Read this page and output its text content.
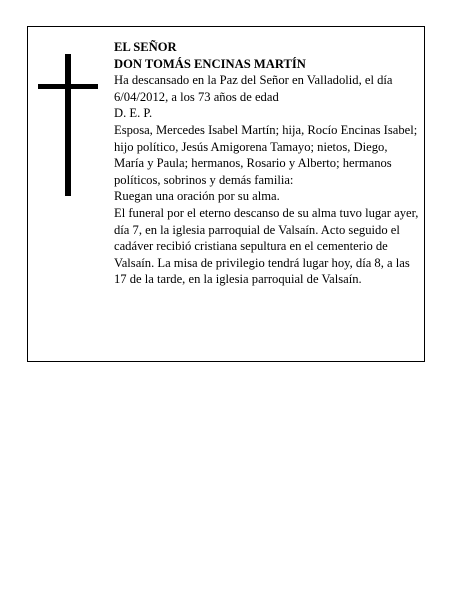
EL SEÑOR

DON TOMÁS ENCINAS MARTÍN

Ha descansado en la Paz del Señor en Valladolid, el día 6/04/2012, a los 73 años de edad

D. E. P.

Esposa, Mercedes Isabel Martín; hija, Rocío Encinas Isabel; hijo político, Jesús Amigorena Tamayo; nietos, Diego, María y Paula; hermanos, Rosario y Alberto; hermanos políticos, sobrinos y demás familia:

Ruegan una oración por su alma.

El funeral por el eterno descanso de su alma tuvo lugar ayer, día 7, en la iglesia parroquial de Valsaín. Acto seguido el cadáver recibió cristiana sepultura en el cementerio de Valsaín. La misa de privilegio tendrá lugar hoy, día 8, a las 17 de la tarde, en la iglesia parroquial de Valsaín.
